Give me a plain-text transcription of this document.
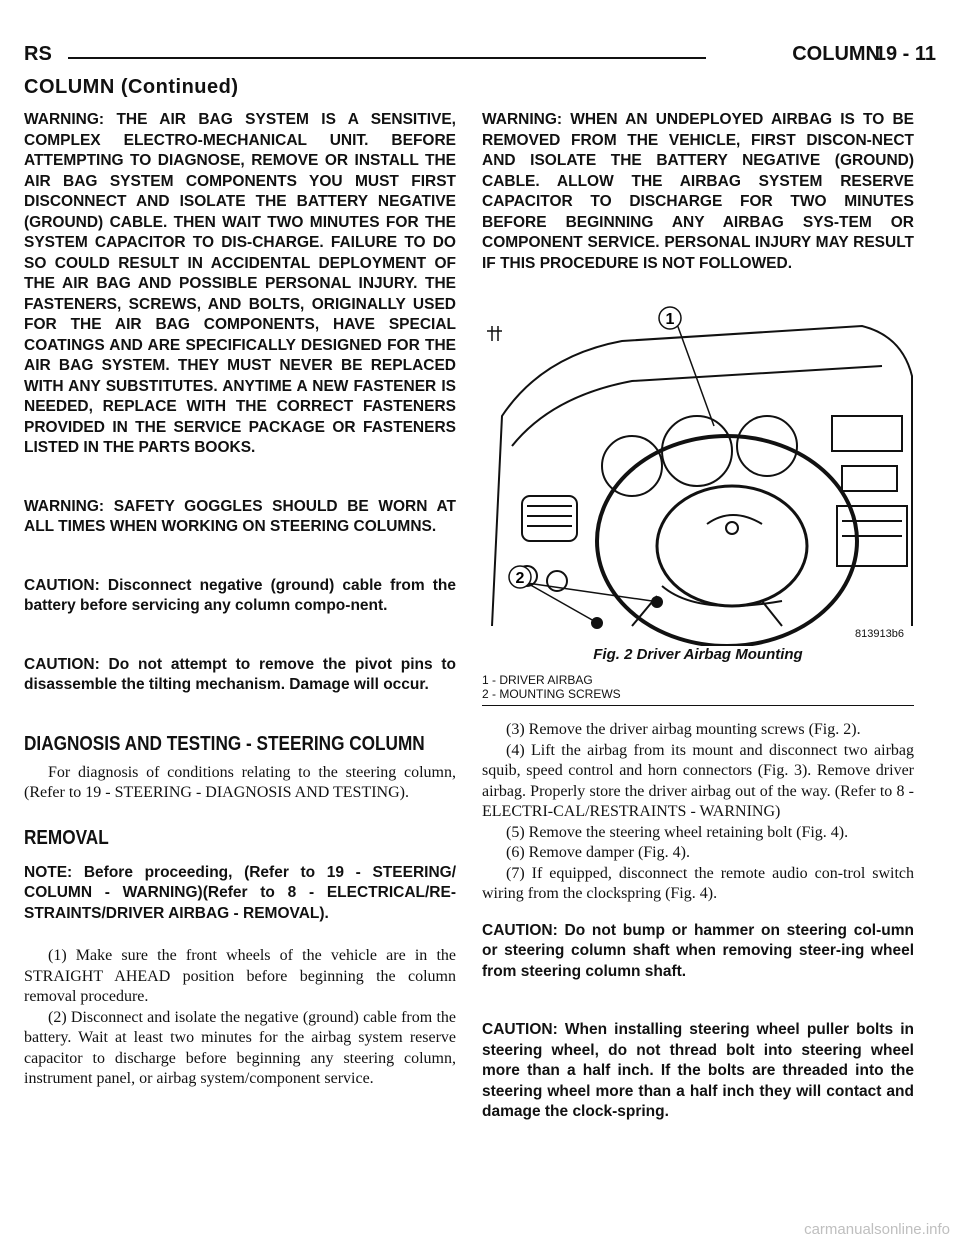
RS	COLUMN
19 - 11
COLUMN (Continued)

WARNING: THE AIR BAG SYSTEM IS A SENSITIVE, COMPLEX ELECTRO-MECHANICAL UNIT. BEFORE ATTEMPTING TO DIAGNOSE, REMOVE OR INSTALL THE AIR BAG SYSTEM COMPONENTS YOU MUST FIRST DISCONNECT AND ISOLATE THE BATTERY NEGATIVE (GROUND) CABLE. THEN WAIT TWO MINUTES FOR THE SYSTEM CAPACITOR TO DIS-CHARGE. FAILURE TO DO SO COULD RESULT IN ACCIDENTAL DEPLOYMENT OF THE AIR BAG AND POSSIBLE PERSONAL INJURY. THE FASTENERS, SCREWS, AND BOLTS, ORIGINALLY USED FOR THE AIR BAG COMPONENTS, HAVE SPECIAL COATINGS AND ARE SPECIFICALLY DESIGNED FOR THE AIR BAG SYSTEM. THEY MUST NEVER BE REPLACED WITH ANY SUBSTITUTES. ANYTIME A NEW FASTENER IS NEEDED, REPLACE WITH THE CORRECT FASTENERS PROVIDED IN THE SERVICE PACKAGE OR FASTENERS LISTED IN THE PARTS BOOKS.

WARNING: SAFETY GOGGLES SHOULD BE WORN AT ALL TIMES WHEN WORKING ON STEERING COLUMNS.

CAUTION: Disconnect negative (ground) cable from the battery before servicing any column compo-nent.

CAUTION: Do not attempt to remove the pivot pins to disassemble the tilting mechanism. Damage will occur.

DIAGNOSIS AND TESTING - STEERING COLUMN

For diagnosis of conditions relating to the steering column, (Refer to 19 - STEERING - DIAGNOSIS AND TESTING).

REMOVAL

NOTE: Before proceeding, (Refer to 19 - STEERING/ COLUMN - WARNING)(Refer to 8 - ELECTRICAL/RE-STRAINTS/DRIVER AIRBAG - REMOVAL).

(1) Make sure the front wheels of the vehicle are in the STRAIGHT AHEAD position before beginning the column removal procedure.

(2) Disconnect and isolate the negative (ground) cable from the battery. Wait at least two minutes for the airbag system reserve capacitor to discharge before beginning any steering column, instrument panel, or airbag system/component service.

WARNING: WHEN AN UNDEPLOYED AIRBAG IS TO BE REMOVED FROM THE VEHICLE, FIRST DISCON-NECT AND ISOLATE THE BATTERY NEGATIVE (GROUND) CABLE. ALLOW THE AIRBAG SYSTEM RESERVE CAPACITOR TO DISCHARGE FOR TWO MINUTES BEFORE BEGINNING ANY AIRBAG SYS-TEM OR COMPONENT SERVICE. PERSONAL INJURY MAY RESULT IF THIS PROCEDURE IS NOT FOLLOWED.

1
2
813913b6
Fig. 2 Driver Airbag Mounting
1 - DRIVER AIRBAG
2 - MOUNTING SCREWS

(3) Remove the driver airbag mounting screws (Fig. 2).

(4) Lift the airbag from its mount and disconnect two airbag squib, speed control and horn connectors (Fig. 3). Remove driver airbag. Properly store the driver airbag out of the way. (Refer to 8 - ELECTRI-CAL/RESTRAINTS - WARNING)

(5) Remove the steering wheel retaining bolt (Fig. 4).

(6) Remove damper (Fig. 4).

(7) If equipped, disconnect the remote audio con-trol switch wiring from the clockspring (Fig. 4).

CAUTION: Do not bump or hammer on steering col-umn or steering column shaft when removing steer-ing wheel from steering column shaft.

CAUTION: When installing steering wheel puller bolts in steering wheel, do not thread bolt into steering wheel more than a half inch. If the bolts are threaded into the steering wheel more than a half inch they will contact and damage the clock-spring.

carmanualsonline.info
